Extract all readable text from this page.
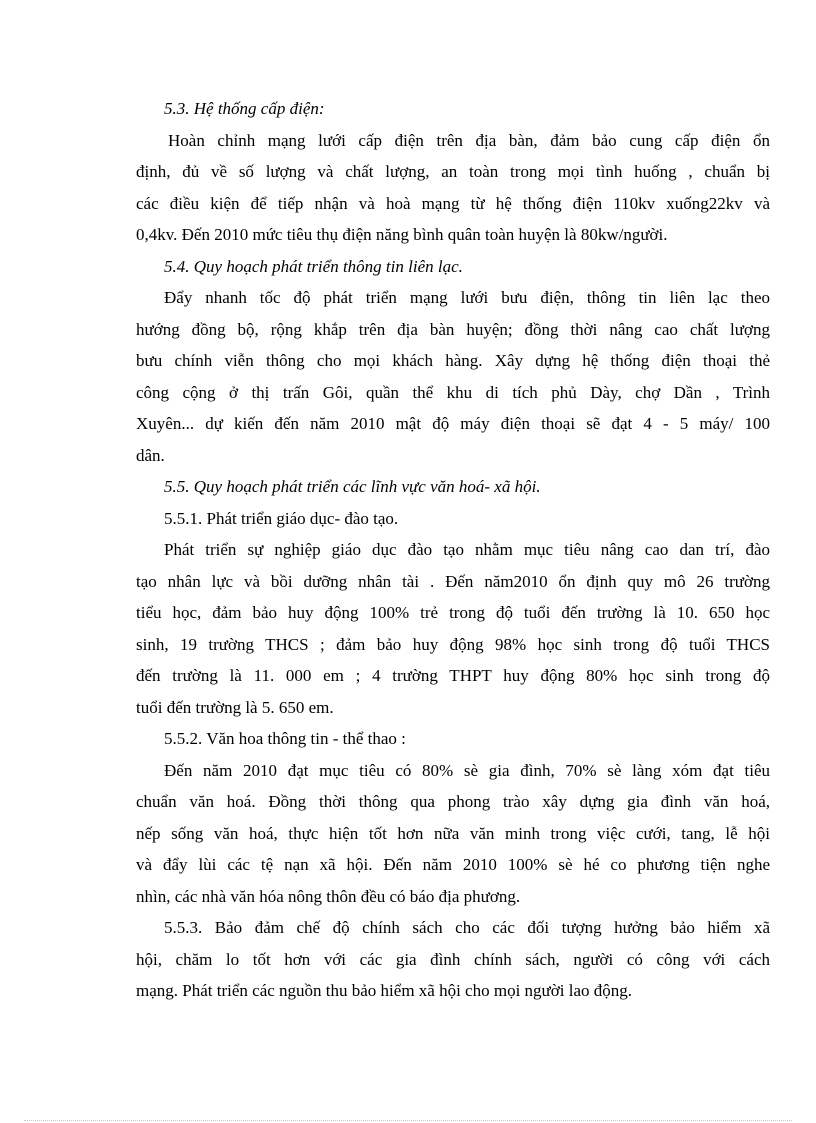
5.3. Hệ thống cấp điện:
Hoàn chỉnh mạng lưới cấp điện trên địa bàn, đảm bảo cung cấp điện ổn
định, đủ về số lượng và chất lượng, an toàn trong mọi tình huống , chuẩn bị
các điều kiện để tiếp nhận và hoà mạng từ hệ thống điện 110kv xuống22kv và
0,4kv. Đến 2010 mức tiêu thụ điện năng bình quân toàn huyện là 80kw/người.
5.4. Quy hoạch phát triển thông tin liên lạc.
Đẩy nhanh tốc độ phát triển mạng lưới bưu điện, thông tin liên lạc theo
hướng đồng bộ, rộng khắp trên địa bàn huyện; đồng thời nâng cao chất lượng
bưu chính viễn thông cho mọi khách hàng. Xây dựng hệ thống điện thoại thẻ
công cộng ở thị trấn Gôi, quần thể khu di tích phủ Dày, chợ Dần , Trình
Xuyên... dự kiến đến năm 2010 mật độ máy điện thoại sẽ đạt 4 - 5 máy/ 100
dân.
5.5. Quy hoạch phát triển các lĩnh vực văn hoá- xã hội.
5.5.1. Phát triển giáo dục- đào tạo.
Phát triển sự nghiệp giáo dục đào tạo nhằm mục tiêu nâng cao dan trí, đào
tạo nhân lực và bồi dưỡng nhân tài . Đến năm2010 ổn định quy mô 26 trường
tiểu học, đảm bảo huy động 100% trẻ trong độ tuổi đến trường là 10. 650 học
sinh, 19 trường THCS ; đảm bảo huy động 98% học sinh trong độ tuổi THCS
đến trường là 11. 000 em ; 4 trường THPT huy động 80% học sinh trong độ
tuổi đến trường là 5. 650 em.
5.5.2. Văn hoa thông tin - thể thao :
Đến năm 2010 đạt mục tiêu có 80% sè gia đình, 70% sè làng xóm đạt tiêu
chuẩn văn hoá. Đồng thời thông qua phong trào xây dựng gia đình văn hoá,
nếp sống văn hoá, thực hiện tốt hơn nữa văn minh trong việc cưới, tang, lễ hội
và đẩy lùi các tệ nạn xã hội. Đến năm 2010 100% sè hé co phương tiện nghe
nhìn, các nhà văn hóa nông thôn đều có báo địa phương.
5.5.3. Bảo đảm chế độ chính sách cho các đối tượng hưởng bảo hiểm xã
hội, chăm lo tốt hơn với các gia đình chính sách, người có công với cách
mạng. Phát triển các nguồn thu bảo hiểm xã hội cho mọi người lao động.
